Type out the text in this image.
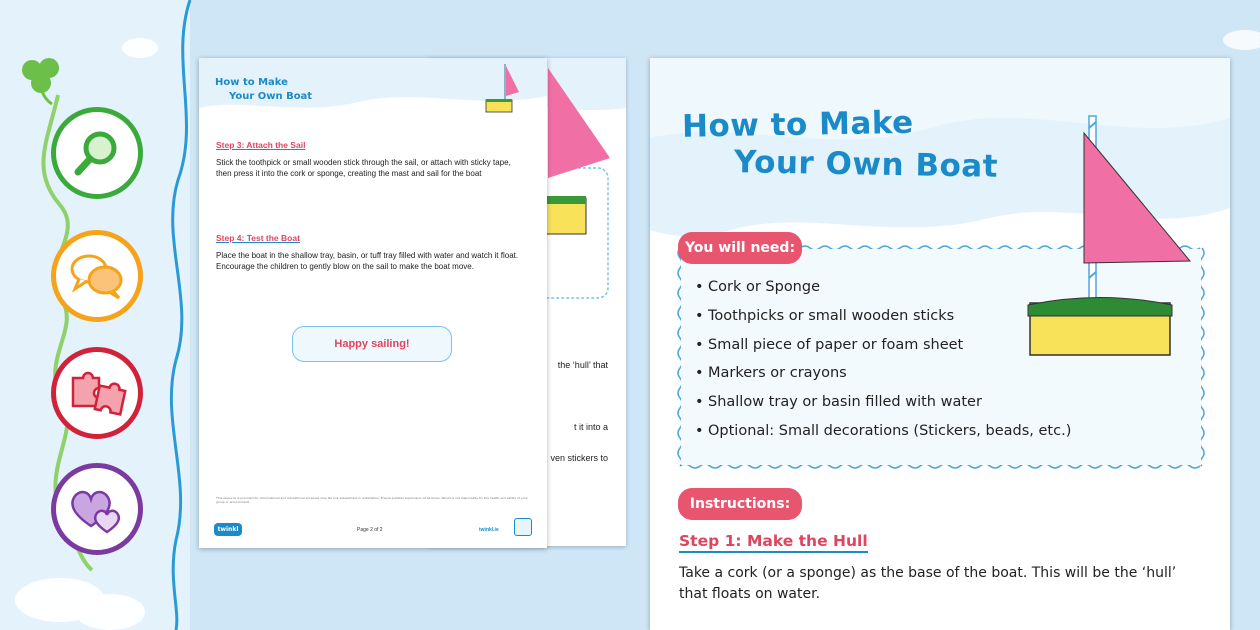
the ‘hull’ that
t it into a
ven stickers to
How to Make
Your Own Boat
Step 3: Attach the Sail
Stick the toothpick or small wooden stick through the sail, or attach with sticky tape, then press it into the cork or sponge, creating the mast and sail for the boat
Step 4: Test the Boat
Place the boat in the shallow tray, basin, or tuff tray filled with water and watch it float. Encourage the children to gently blow on the sail to make the boat move.
Happy sailing!
This resource is provided for informational and educational purposes only. No risk assessment is undertaken. Ensure suitable supervision at all times. Twinkl is not responsible for the health and safety of your group or environment.
twinkl	Page 2 of 2	twinkl.ie
How to Make
Your Own Boat
You will need:
• Cork or Sponge
• Toothpicks or small wooden sticks
• Small piece of paper or foam sheet
• Markers or crayons
• Shallow tray or basin filled with water
• Optional: Small decorations (Stickers, beads, etc.)
Instructions:
Step 1: Make the Hull
Take a cork (or a sponge) as the base of the boat. This will be the ‘hull’ that floats on water.
